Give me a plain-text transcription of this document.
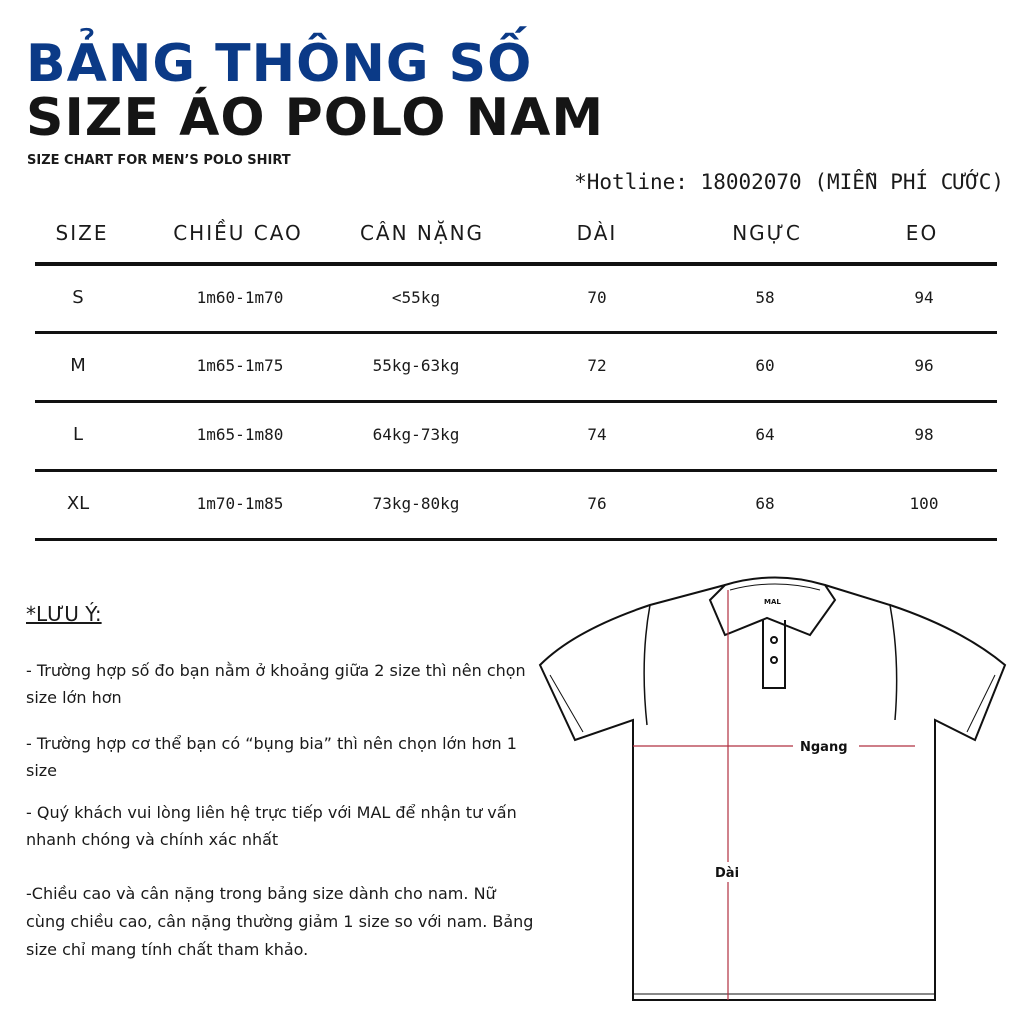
BẢNG THÔNG SỐ
SIZE ÁO POLO NAM
SIZE CHART FOR MEN’S POLO SHIRT
*Hotline: 18002070 (MIỄN PHÍ CƯỚC)
SIZE	CHIỀU CAO	CÂN NẶNG	DÀI	NGỰC	EO
S	1m60-1m70	<55kg	70	58	94
M	1m65-1m75	55kg-63kg	72	60	96
L	1m65-1m80	64kg-73kg	74	64	98
XL	1m70-1m85	73kg-80kg	76	68	100
*LƯU Ý:
- Trường hợp số đo bạn nằm ở khoảng giữa 2 size thì nên chọn size lớn hơn
- Trường hợp cơ thể bạn có “bụng bia” thì nên chọn lớn hơn 1 size
- Quý khách vui lòng liên hệ trực tiếp với MAL để nhận tư vấn nhanh chóng và chính xác nhất
-Chiều cao và cân nặng trong bảng size dành cho nam. Nữ cùng chiều cao, cân nặng thường giảm 1 size so với nam. Bảng size chỉ mang tính chất tham khảo.
MAL
Ngang
Dài
